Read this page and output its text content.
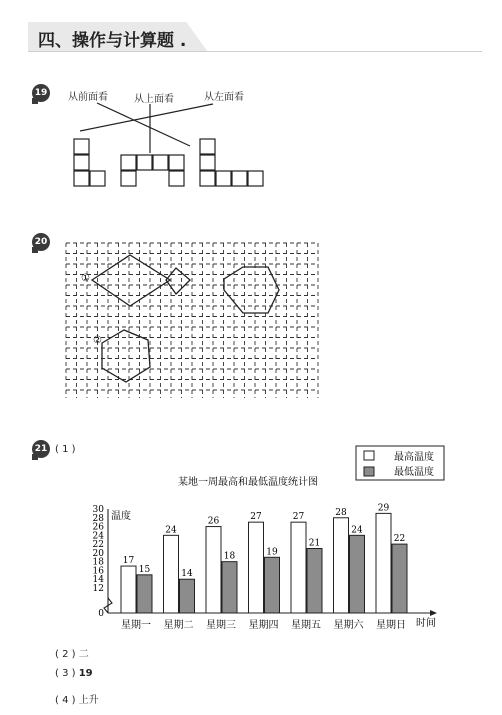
四、操作与计算题 .
19 从前面看	从上面看	从左面看
20
①
②
21 ( 1 )
最高温度
最低温度
某地一周最高和最低温度统计图
温度
时间
0
12
14
16
18
20
22
24
26
28
30
17
15
24
14
26
18
27
19
27
21
28
24
29
22
星期一 星期二 星期三 星期四 星期五 星期六 星期日
( 2 ) 二
( 3 ) 19
( 4 ) 上升
